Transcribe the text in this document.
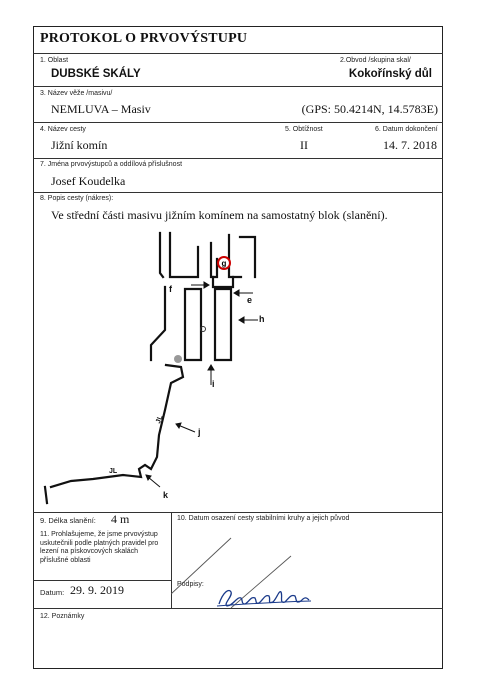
PROTOKOL O PRVOVÝSTUPU
1. Oblast
DUBSKÉ SKÁLY
2.Obvod /skupina skal/
Kokořínský důl
3. Název věže /masivu/
NEMLUVA – Masiv	(GPS: 50.4214N, 14.5783E)
4. Název cesty
Jižní komín
5. Obtížnost
II
6. Datum dokončení
14. 7. 2018
7. Jména prvovýstupců a oddílová příslušnost
Josef Koudelka
8. Popis cesty (nákres):
Ve střední části masivu jižním komínem na samostatný blok (slanění).
g
f
e
h
i
j
k
JL
JL
9. Délka slanění: 4 m	10. Datum osazení cesty stabilními kruhy a jejich původ
11. Prohlašujeme, že jsme prvovýstup uskutečnili podle platných pravidel pro lezení na pískovcových skalách příslušné oblasti
Datum: 29. 9. 2019	Podpisy:
12. Poznámky
